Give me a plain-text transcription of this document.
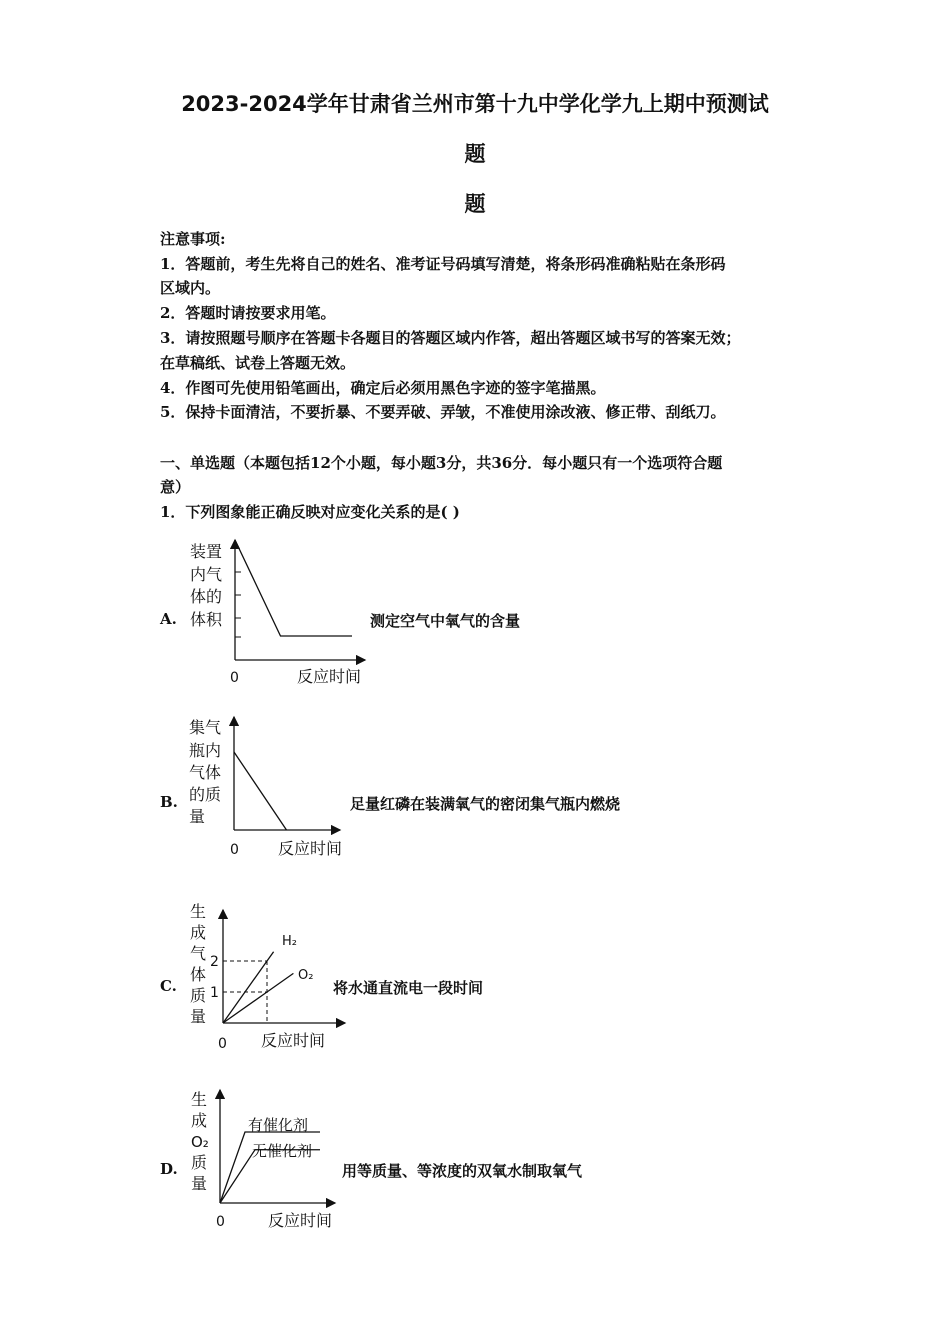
2023-2024学年甘肃省兰州市第十九中学化学九上期中预测试
题
题
注意事项:
1．答题前，考生先将自己的姓名、准考证号码填写清楚，将条形码准确粘贴在条形码
区域内。
2．答题时请按要求用笔。
3．请按照题号顺序在答题卡各题目的答题区域内作答，超出答题区域书写的答案无效；
在草稿纸、试卷上答题无效。
4．作图可先使用铅笔画出，确定后必须用黑色字迹的签字笔描黑。
5．保持卡面清洁，不要折暴、不要弄破、弄皱，不准使用涂改液、修正带、刮纸刀。
一、单选题（本题包括12个小题，每小题3分，共36分．每小题只有一个选项符合题
意）
1．下列图象能正确反映对应变化关系的是( )
A.
装置
内气
体的
体积
0	反应时间
测定空气中氧气的含量
B.
集气
瓶内
气体
的质
量
0 反应时间
足量红磷在装满氧气的密闭集气瓶内燃烧
C.
2
1
H₂
O₂
生
成
气
体
质
量
0 反应时间
将水通直流电一段时间
D.
有催化剂
无催化剂
生
成
O₂
质
量
0	反应时间
用等质量、等浓度的双氧水制取氧气
